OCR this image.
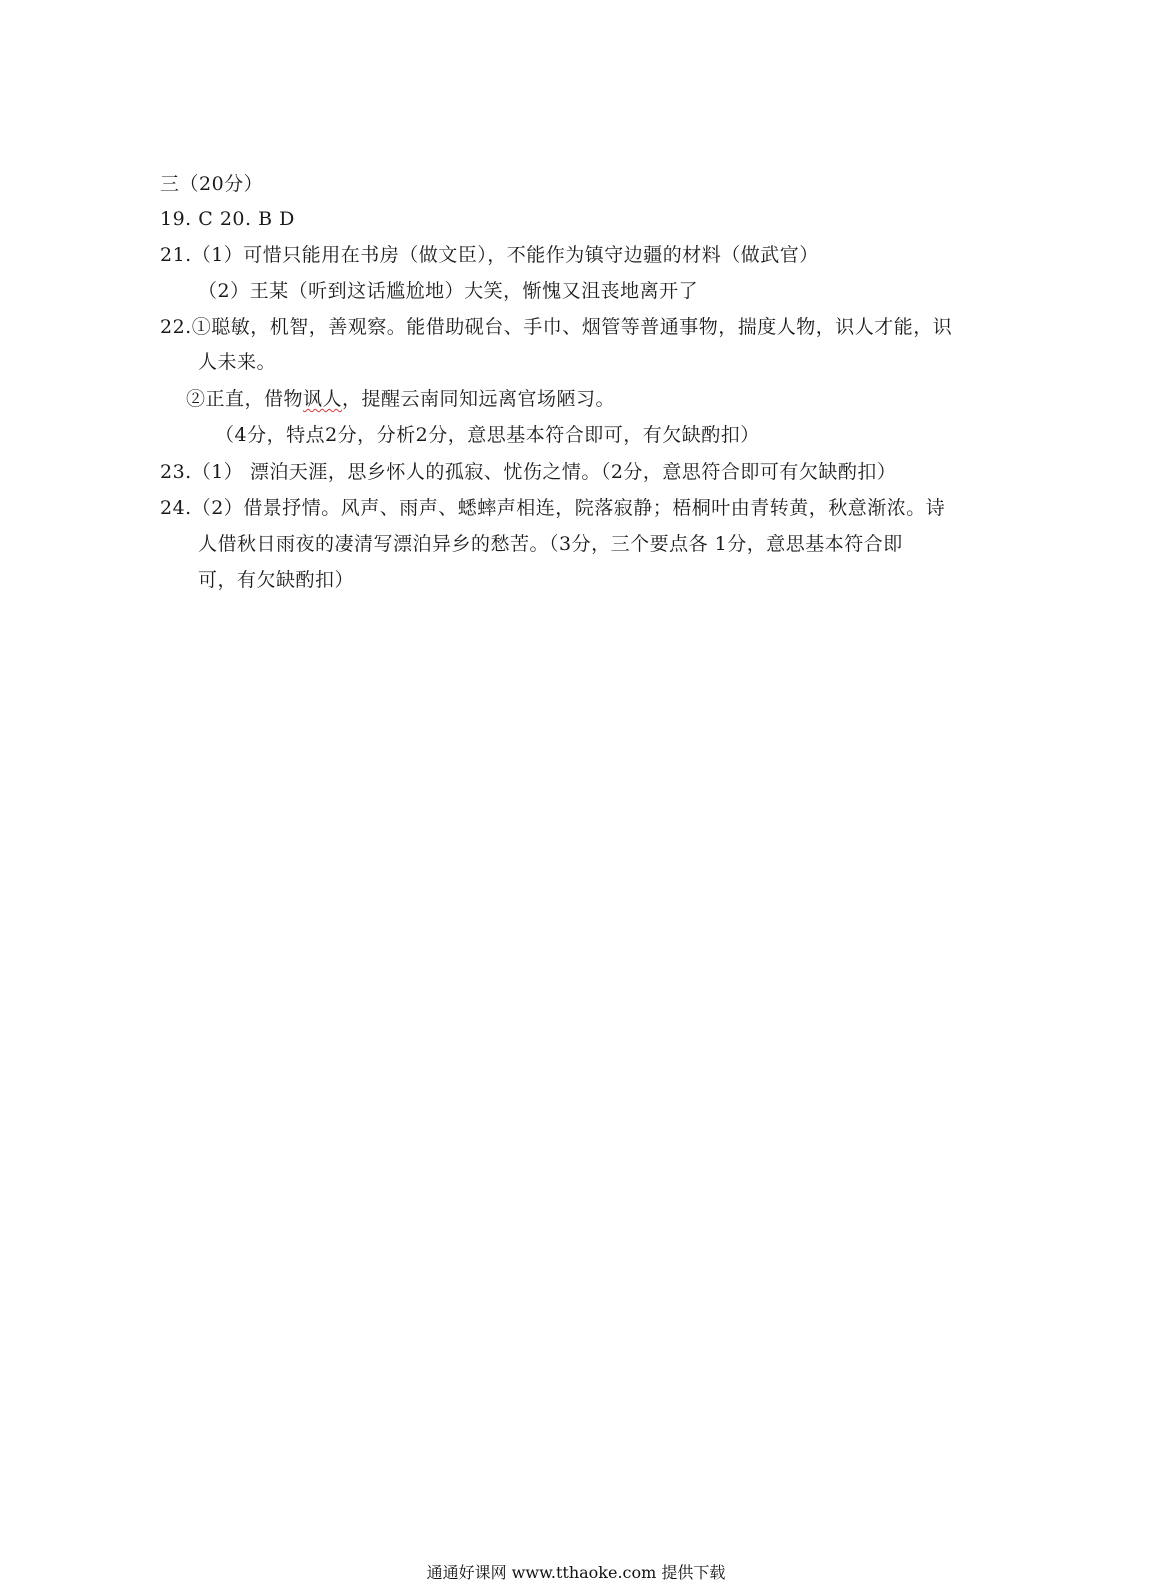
三（20分）
19. C 20. B D
21.（1）可惜只能用在书房（做文臣），不能作为镇守边疆的材料（做武官）
（2）王某（听到这话尴尬地）大笑，惭愧又沮丧地离开了
22.①聪敏，机智，善观察。能借助砚台、手巾、烟管等普通事物，揣度人物，识人才能，识
人未来。
②正直，借物讽人，提醒云南同知远离官场陋习。
（4分，特点2分，分析2分，意思基本符合即可，有欠缺酌扣）
23.（1） 漂泊天涯，思乡怀人的孤寂、忧伤之情。（2分，意思符合即可有欠缺酌扣）
24.（2）借景抒情。风声、雨声、蟋蟀声相连，院落寂静；梧桐叶由青转黄，秋意渐浓。诗
人借秋日雨夜的凄清写漂泊异乡的愁苦。（3分，三个要点各 1分，意思基本符合即
可，有欠缺酌扣）
通通好课网 www.tthaoke.com 提供下载
